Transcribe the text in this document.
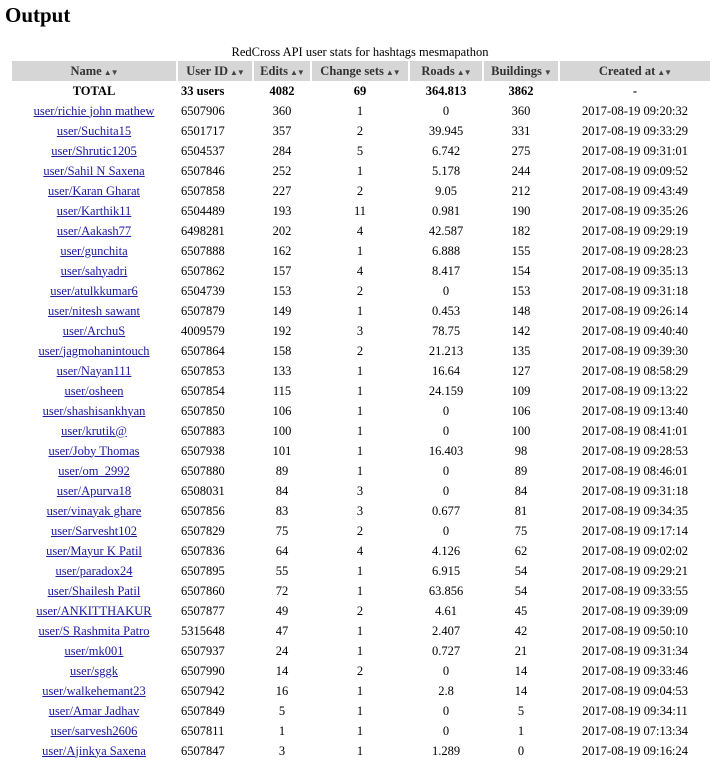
Output
RedCross API user stats for hashtags mesmapathon
Name ▲▼	User ID ▲▼	Edits ▲▼	Change sets ▲▼	Roads ▲▼	Buildings ▼	Created at ▲▼
TOTAL	33 users	4082	69	364.813	3862	-
user/richie john mathew	6507906	360	1	0	360	2017-08-19 09:20:32
user/Suchita15	6501717	357	2	39.945	331	2017-08-19 09:33:29
user/Shrutic1205	6504537	284	5	6.742	275	2017-08-19 09:31:01
user/Sahil N Saxena	6507846	252	1	5.178	244	2017-08-19 09:09:52
user/Karan Gharat	6507858	227	2	9.05	212	2017-08-19 09:43:49
user/Karthik11	6504489	193	11	0.981	190	2017-08-19 09:35:26
user/Aakash77	6498281	202	4	42.587	182	2017-08-19 09:29:19
user/gunchita	6507888	162	1	6.888	155	2017-08-19 09:28:23
user/sahyadri	6507862	157	4	8.417	154	2017-08-19 09:35:13
user/atulkkumar6	6504739	153	2	0	153	2017-08-19 09:31:18
user/nitesh sawant	6507879	149	1	0.453	148	2017-08-19 09:26:14
user/ArchuS	4009579	192	3	78.75	142	2017-08-19 09:40:40
user/jagmohanintouch	6507864	158	2	21.213	135	2017-08-19 09:39:30
user/Nayan111	6507853	133	1	16.64	127	2017-08-19 08:58:29
user/osheen	6507854	115	1	24.159	109	2017-08-19 09:13:22
user/shashisankhyan	6507850	106	1	0	106	2017-08-19 09:13:40
user/krutik@	6507883	100	1	0	100	2017-08-19 08:41:01
user/Joby Thomas	6507938	101	1	16.403	98	2017-08-19 09:28:53
user/om_2992	6507880	89	1	0	89	2017-08-19 08:46:01
user/Apurva18	6508031	84	3	0	84	2017-08-19 09:31:18
user/vinayak ghare	6507856	83	3	0.677	81	2017-08-19 09:34:35
user/Sarvesht102	6507829	75	2	0	75	2017-08-19 09:17:14
user/Mayur K Patil	6507836	64	4	4.126	62	2017-08-19 09:02:02
user/paradox24	6507895	55	1	6.915	54	2017-08-19 09:29:21
user/Shailesh Patil	6507860	72	1	63.856	54	2017-08-19 09:33:55
user/ANKITTHAKUR	6507877	49	2	4.61	45	2017-08-19 09:39:09
user/S Rashmita Patro	5315648	47	1	2.407	42	2017-08-19 09:50:10
user/mk001	6507937	24	1	0.727	21	2017-08-19 09:31:34
user/sggk	6507990	14	2	0	14	2017-08-19 09:33:46
user/walkehemant23	6507942	16	1	2.8	14	2017-08-19 09:04:53
user/Amar Jadhav	6507849	5	1	0	5	2017-08-19 09:34:11
user/sarvesh2606	6507811	1	1	0	1	2017-08-19 07:13:34
user/Ajinkya Saxena	6507847	3	1	1.289	0	2017-08-19 09:16:24
